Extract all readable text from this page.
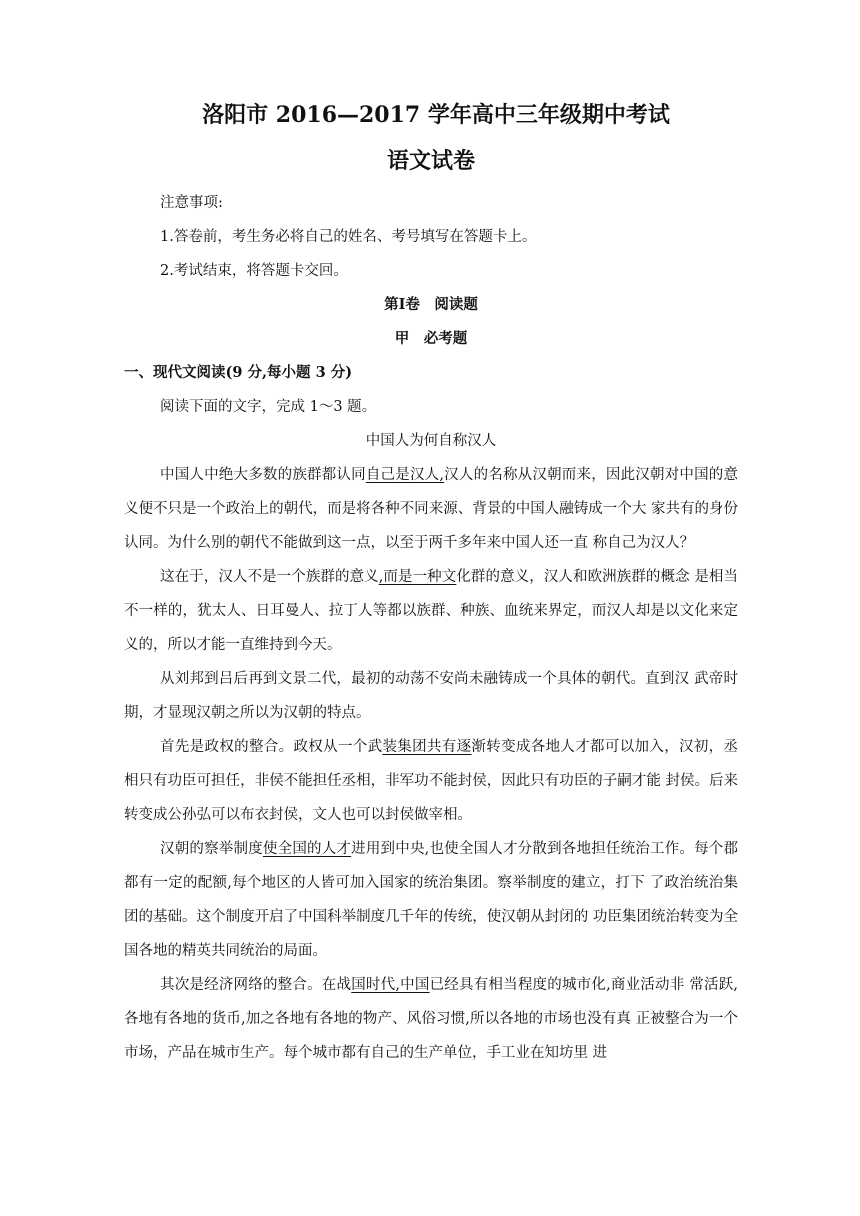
洛阳市 2016—2017 学年高中三年级期中考试
语文试卷
注意事项:
1.答卷前，考生务必将自己的姓名、考号填写在答题卡上。
2.考试结束，将答题卡交回。
第Ⅰ卷　阅读题
甲　必考题
一、现代文阅读(9 分,每小题 3 分)
阅读下面的文字，完成 1～3 题。
中国人为何自称汉人

中国人中绝大多数的族群都认同自己是汉人,汉人的名称从汉朝而来，因此汉朝对中国的意义便不只是一个政治上的朝代，而是将各种不同来源、背景的中国人融铸成一个大 家共有的身份认同。为什么别的朝代不能做到这一点，以至于两千多年来中国人还一直 称自己为汉人？

这在于，汉人不是一个族群的意义,而是一种文化群的意义，汉人和欧洲族群的概念 是相当不一样的，犹太人、日耳曼人、拉丁人等都以族群、种族、血统来界定，而汉人却是以文化来定义的，所以才能一直维持到今天。

从刘邦到吕后再到文景二代，最初的动荡不安尚未融铸成一个具体的朝代。直到汉 武帝时期，才显现汉朝之所以为汉朝的特点。

首先是政权的整合。政权从一个武装集团共有逐渐转变成各地人才都可以加入，汉初，丞相只有功臣可担任，非侯不能担任丞相，非军功不能封侯，因此只有功臣的子嗣才能 封侯。后来转变成公孙弘可以布衣封侯，文人也可以封侯做宰相。

汉朝的察举制度使全国的人才进用到中央,也使全国人才分散到各地担任统治工作。每个郡都有一定的配额,每个地区的人皆可加入国家的统治集团。察举制度的建立，打下 了政治统治集团的基础。这个制度开启了中国科举制度几千年的传统，使汉朝从封闭的 功臣集团统治转变为全国各地的精英共同统治的局面。

其次是经济网络的整合。在战国时代,中国已经具有相当程度的城市化,商业活动非 常活跃,各地有各地的货币,加之各地有各地的物产、风俗习惯,所以各地的市场也没有真 正被整合为一个市场，产品在城市生产。每个城市都有自己的生产单位，手工业在知坊里 进
